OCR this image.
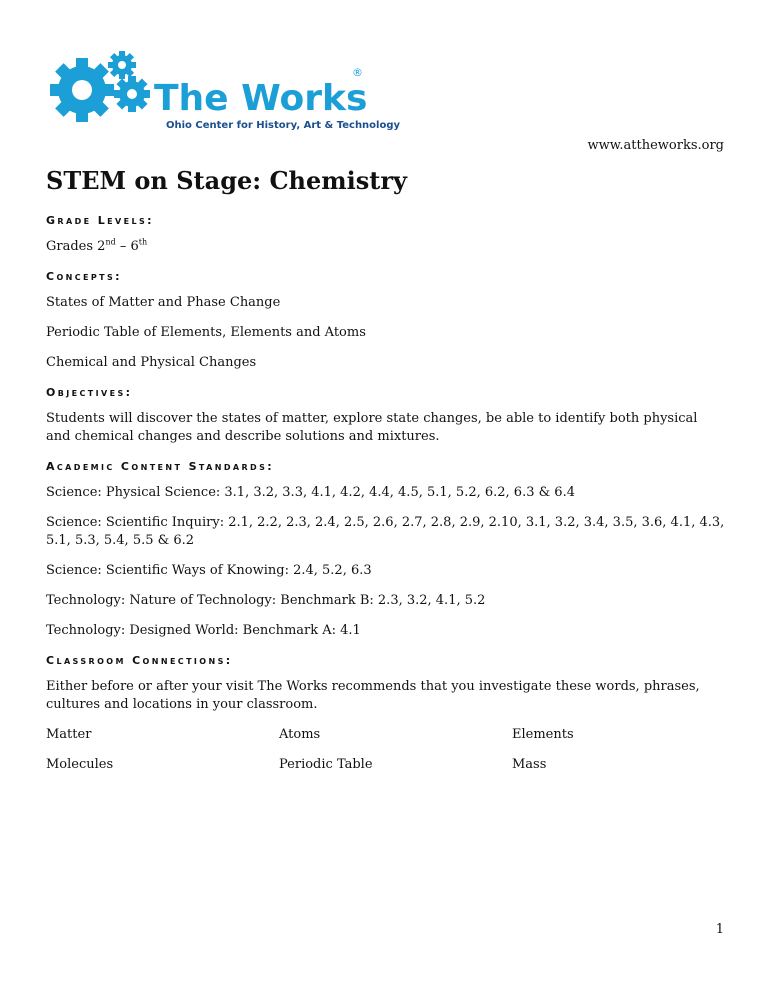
The Works
®
Ohio Center for History, Art & Technology
www.attheworks.org
STEM on Stage: Chemistry
Grade Levels:
Grades 2nd – 6th
Concepts:
States of Matter and Phase Change
Periodic Table of Elements, Elements and Atoms
Chemical and Physical Changes
Objectives:
Students will discover the states of matter, explore state changes, be able to identify both physical and chemical changes and describe solutions and mixtures.
Academic Content Standards:
Science: Physical Science: 3.1, 3.2, 3.3, 4.1, 4.2, 4.4, 4.5, 5.1, 5.2, 6.2, 6.3 & 6.4
Science: Scientific Inquiry: 2.1, 2.2, 2.3, 2.4, 2.5, 2.6, 2.7, 2.8, 2.9, 2.10, 3.1, 3.2, 3.4, 3.5, 3.6, 4.1, 4.3, 5.1, 5.3, 5.4, 5.5 & 6.2
Science: Scientific Ways of Knowing: 2.4, 5.2, 6.3
Technology: Nature of Technology: Benchmark B: 2.3, 3.2, 4.1, 5.2
Technology: Designed World: Benchmark A: 4.1
Classroom Connections:
Either before or after your visit The Works recommends that you investigate these words, phrases, cultures and locations in your classroom.
Matter	Atoms	Elements
Molecules	Periodic Table	Mass
1
